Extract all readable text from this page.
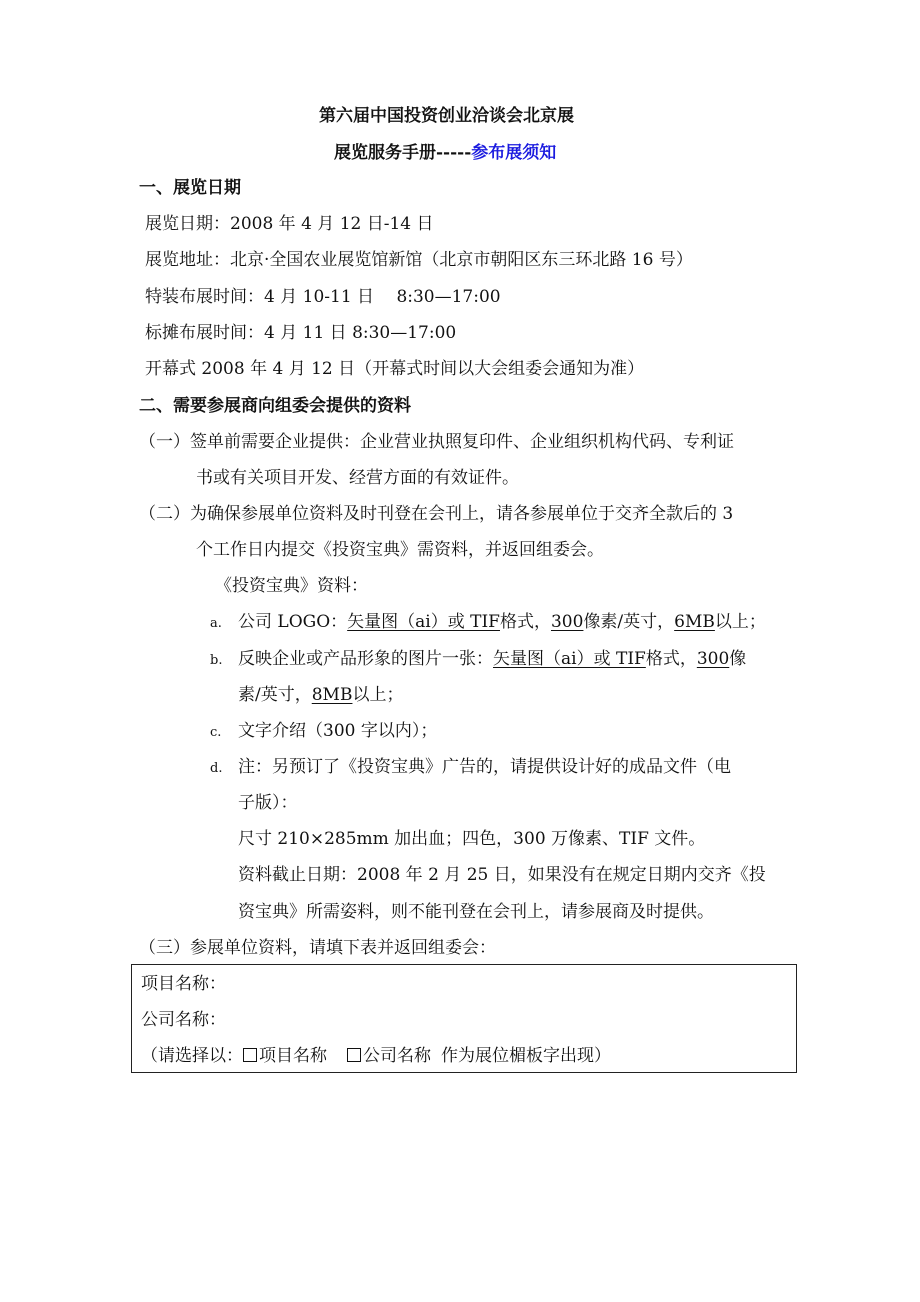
第六届中国投资创业洽谈会北京展
展览服务手册-----参布展须知
一、展览日期
展览日期：2008 年 4 月 12 日-14 日
展览地址：北京·全国农业展览馆新馆（北京市朝阳区东三环北路 16 号）
特装布展时间：4 月 10-11 日　 8:30—17:00
标摊布展时间：4 月 11 日 8:30—17:00
开幕式 2008 年 4 月 12 日（开幕式时间以大会组委会通知为准）
二、需要参展商向组委会提供的资料
（一）签单前需要企业提供：企业营业执照复印件、企业组织机构代码、专利证
书或有关项目开发、经营方面的有效证件。
（二）为确保参展单位资料及时刊登在会刊上，请各参展单位于交齐全款后的 3
个工作日内提交《投资宝典》需资料，并返回组委会。
《投资宝典》资料：
a. 公司 LOGO：矢量图（ai）或 TIF格式，300像素/英寸，6MB以上；
b. 反映企业或产品形象的图片一张：矢量图（ai）或 TIF格式，300像
素/英寸，8MB以上；
c. 文字介绍（300 字以内）；
d. 注：另预订了《投资宝典》广告的，请提供设计好的成品文件（电
子版）：
尺寸 210×285mm 加出血；四色，300 万像素、TIF 文件。
资料截止日期：2008 年 2 月 25 日，如果没有在规定日期内交齐《投
资宝典》所需姿料，则不能刊登在会刊上，请参展商及时提供。
（三）参展单位资料，请填下表并返回组委会：
项目名称：
公司名称：
（请选择以： 项目名称 公司名称 作为展位楣板字出现）
